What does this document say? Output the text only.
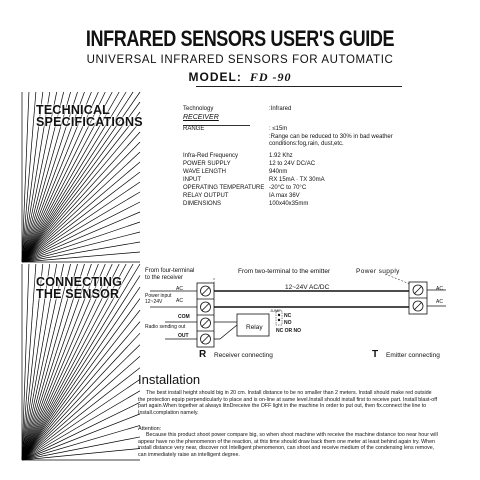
INFRARED SENSORS USER'S GUIDE
UNIVERSAL INFRARED SENSORS FOR AUTOMATIC
MODEL: FD -90
TECHNICAL
SPECIFICATIONS
CONNECTING
THE SENSOR
Technology	:Infrared
RECEIVER
RANGE	: ≤15m
:Range can be reduced to 30% in bad weather
conditions:fog,rain, dust,etc.
Infra-Red Frequency	1.92 Khz
POWER SUPPLY	12 to 24V DC/AC
WAVE LENGTH	940nm
INPUT	RX 15mA · TX 30mA
OPERATING TEMPERATURE -20°C to 70°C
RELAY OUTPUT	IA max 36V
DIMENSIONS	100x40x35mm
From four-terminal
to the receiver
From two-terminal to the emitter	Power supply
12~24V AC/DC
Power input
12~24V
COM
Radio sending out
OUT
AC
AC
AC
AC
Relay
JUMP
NC
NO
NC OR NO
R Receiver connecting	T Emitter connecting
Installation
The best install height should big in 20 cm. Install distance to be no smaller than 2 meters. Install should make red outside the protection equip perpendicularly to place and is on-line at same level.Install should install first to receive part. Install blast-off part again.When together at always litnDreceive the OFF light in the machine In order to put out, then fix.connect the line to Install.complation namely.
Attention:
Because this product shoot power compare big, so when shoot machine with receive the machine distance too near hour will appear have no the phenomenon of the reaction, at this time should draw back them one meter at least behind again try. When install distance very near, discover not Intelligent phenomenon, can shoot and receive medium of the condensing lens remove, can immediately raise an intelligent degree.
